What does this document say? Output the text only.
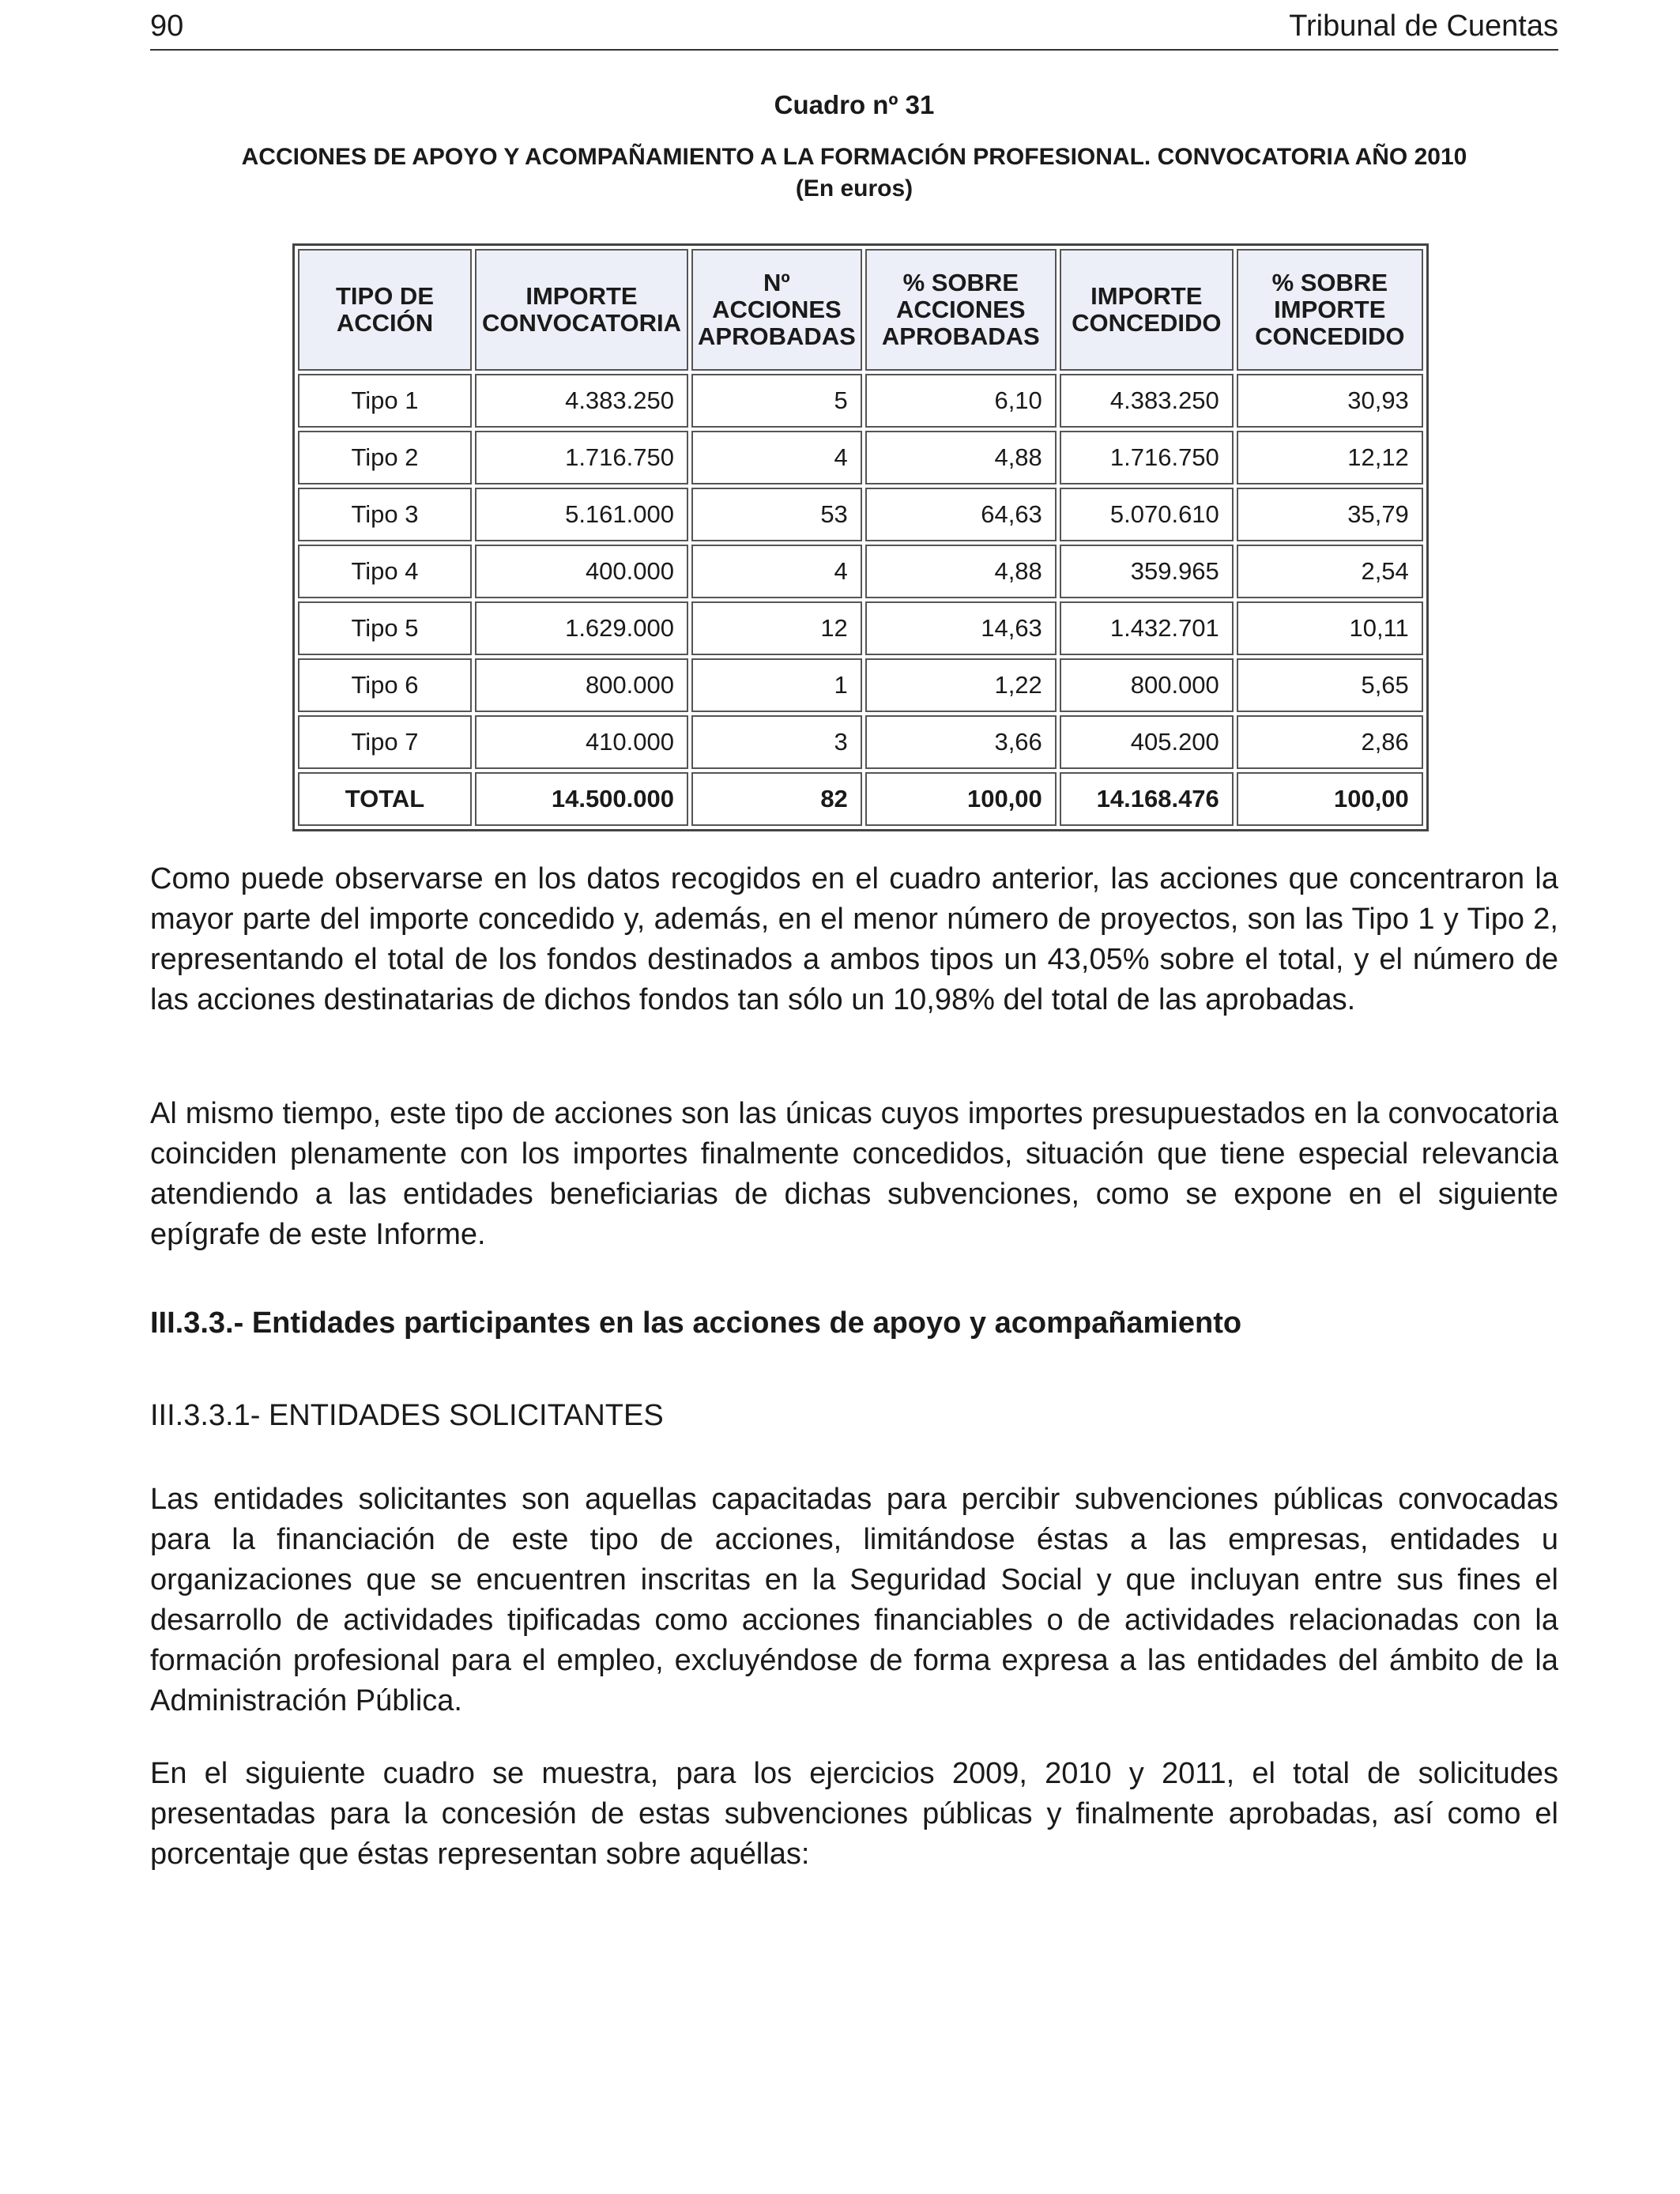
90	Tribunal de Cuentas
Cuadro nº 31
ACCIONES DE APOYO Y ACOMPAÑAMIENTO A LA FORMACIÓN PROFESIONAL. CONVOCATORIA AÑO 2010
(En euros)
TIPO DE ACCIÓN	IMPORTE CONVOCATORIA	Nº ACCIONES APROBADAS	% SOBRE ACCIONES APROBADAS	IMPORTE CONCEDIDO	% SOBRE IMPORTE CONCEDIDO
Tipo 1	4.383.250	5	6,10	4.383.250	30,93
Tipo 2	1.716.750	4	4,88	1.716.750	12,12
Tipo 3	5.161.000	53	64,63	5.070.610	35,79
Tipo 4	400.000	4	4,88	359.965	2,54
Tipo 5	1.629.000	12	14,63	1.432.701	10,11
Tipo 6	800.000	1	1,22	800.000	5,65
Tipo 7	410.000	3	3,66	405.200	2,86
TOTAL	14.500.000	82	100,00	14.168.476	100,00

Como puede observarse en los datos recogidos en el cuadro anterior, las acciones que concentraron la mayor parte del importe concedido y, además, en el menor número de proyectos, son las Tipo 1 y Tipo 2, representando el total de los fondos destinados a ambos tipos un 43,05% sobre el total, y el número de las acciones destinatarias de dichos fondos tan sólo un 10,98% del total de las aprobadas.

Al mismo tiempo, este tipo de acciones son las únicas cuyos importes presupuestados en la convocatoria coinciden plenamente con los importes finalmente concedidos, situación que tiene especial relevancia atendiendo a las entidades beneficiarias de dichas subvenciones, como se expone en el siguiente epígrafe de este Informe.

III.3.3.- Entidades participantes en las acciones de apoyo y acompañamiento
III.3.3.1- ENTIDADES SOLICITANTES

Las entidades solicitantes son aquellas capacitadas para percibir subvenciones públicas convocadas para la financiación de este tipo de acciones, limitándose éstas a las empresas, entidades u organizaciones que se encuentren inscritas en la Seguridad Social y que incluyan entre sus fines el desarrollo de actividades tipificadas como acciones financiables o de actividades relacionadas con la formación profesional para el empleo, excluyéndose de forma expresa a las entidades del ámbito de la Administración Pública.

En el siguiente cuadro se muestra, para los ejercicios 2009, 2010 y 2011, el total de solicitudes presentadas para la concesión de estas subvenciones públicas y finalmente aprobadas, así como el porcentaje que éstas representan sobre aquéllas:
